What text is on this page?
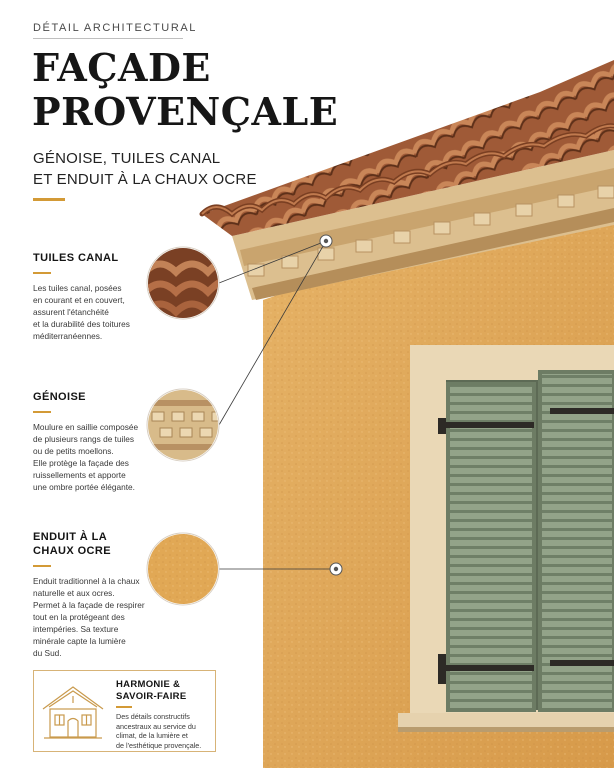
DÉTAIL ARCHITECTURAL
FAÇADE
PROVENÇALE
GÉNOISE, TUILES CANAL
ET ENDUIT À LA CHAUX OCRE
TUILES CANAL

Les tuiles canal, posées
en courant et en couvert,
assurent l'étanchéité
et la durabilité des toitures
méditerranéennes.

GÉNOISE

Moulure en saillie composée
de plusieurs rangs de tuiles
ou de petits moellons.
Elle protège la façade des
ruissellements et apporte
une ombre portée élégante.

ENDUIT À LA
CHAUX OCRE

Enduit traditionnel à la chaux
naturelle et aux ocres.
Permet à la façade de respirer
tout en la protégeant des
intempéries. Sa texture
minérale capte la lumière
du Sud.

HARMONIE &
SAVOIR-FAIRE
Des détails constructifs
ancestraux au service du
climat, de la lumière et
de l'esthétique provençale.
